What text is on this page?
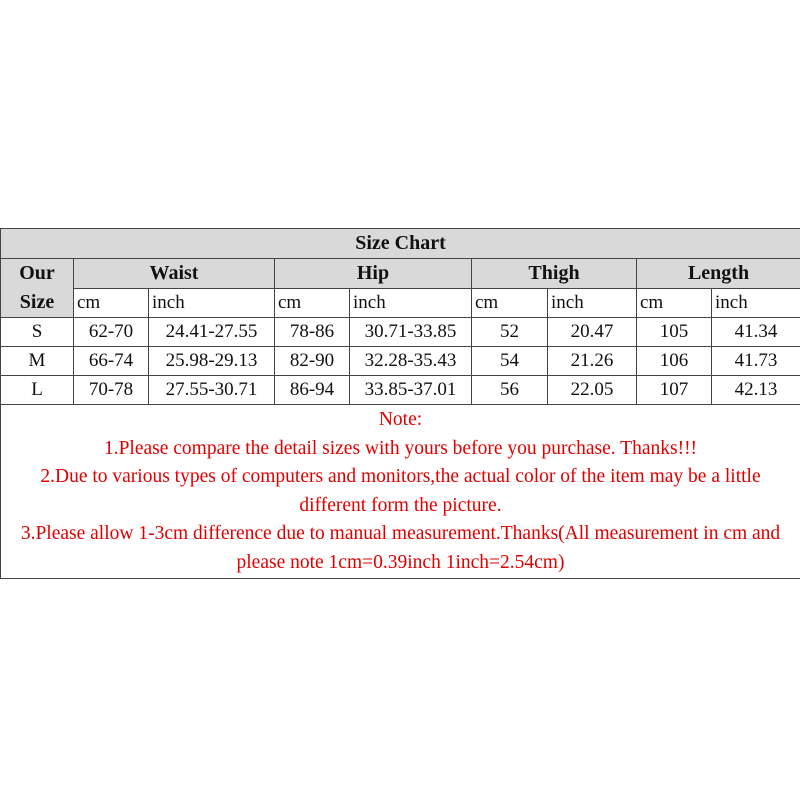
Size Chart								

Our
Size	Waist		Hip		Thigh		Length	
	cm	inch	cm	inch	cm	inch	cm	inch
S	62-70	24.41-27.55	78-86	30.71-33.85	52	20.47	105	41.34
M	66-74	25.98-29.13	82-90	32.28-35.43	54	21.26	106	41.73
L	70-78	27.55-30.71	86-94	33.85-37.01	56	22.05	107	42.13

Note:
1.Please compare the detail sizes with yours before you purchase. Thanks!!!
2.Due to various types of computers and monitors,the actual color of the item may be a little different form the picture.
3.Please allow 1-3cm difference due to manual measurement.Thanks(All measurement in cm and please note 1cm=0.39inch 1inch=2.54cm)								
